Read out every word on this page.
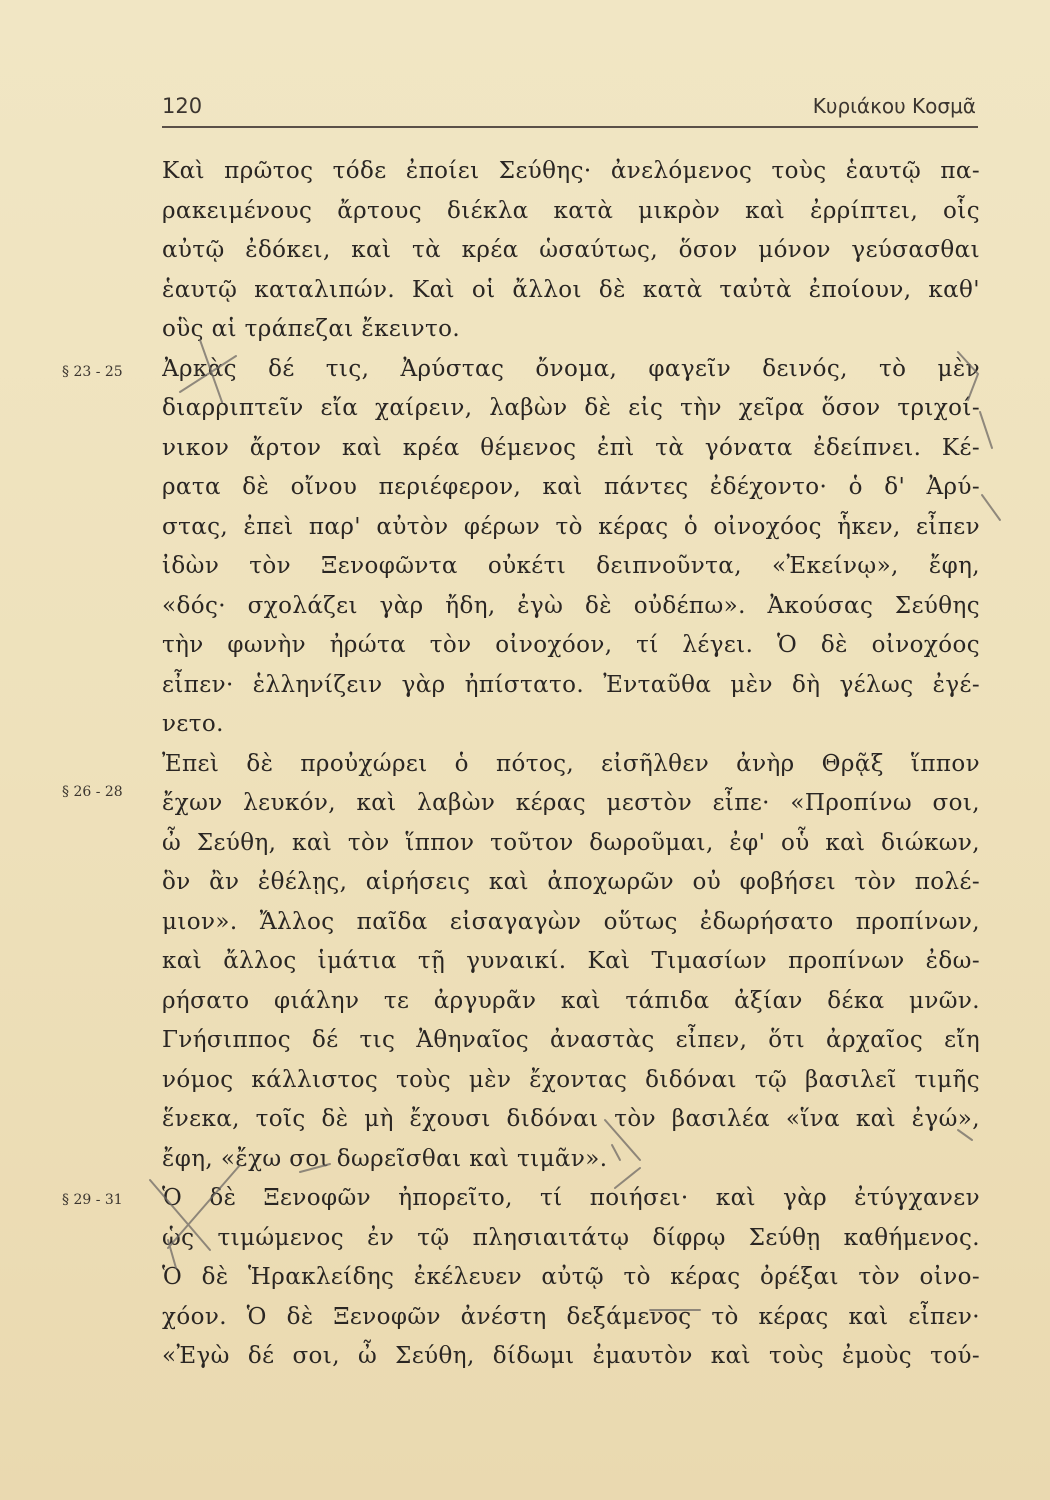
120	Κυριάκου Κοσμᾶ
§ 23 - 25
§ 26 - 28
§ 29 - 31
Καὶ πρῶτος τόδε ἐποίει Σεύθης· ἀνελόμενος τοὺς ἑαυτῷ πα-
ρακειμένους ἄρτους διέκλα κατὰ μικρὸν καὶ ἐρρίπτει, οἷς
αὐτῷ ἐδόκει, καὶ τὰ κρέα ὡσαύτως, ὅσον μόνον γεύσασθαι
ἑαυτῷ καταλιπών. Καὶ οἱ ἄλλοι δὲ κατὰ ταὐτὰ ἐποίουν, καθ'
οὓς αἱ τράπεζαι ἔκειντο.
Ἀρκὰς δέ τις, Ἀρύστας ὄνομα, φαγεῖν δεινός, τὸ μὲν
διαρριπτεῖν εἴα χαίρειν, λαβὼν δὲ εἰς τὴν χεῖρα ὅσον τριχοί-
νικον ἄρτον καὶ κρέα θέμενος ἐπὶ τὰ γόνατα ἐδείπνει. Κέ-
ρατα δὲ οἴνου περιέφερον, καὶ πάντες ἐδέχοντο· ὁ δ' Ἀρύ-
στας, ἐπεὶ παρ' αὐτὸν φέρων τὸ κέρας ὁ οἰνοχόος ἧκεν, εἶπεν
ἰδὼν τὸν Ξενοφῶντα οὐκέτι δειπνοῦντα, «Ἐκείνῳ», ἔφη,
«δός· σχολάζει γὰρ ἤδη, ἐγὼ δὲ οὐδέπω». Ἀκούσας Σεύθης
τὴν φωνὴν ἠρώτα τὸν οἰνοχόον, τί λέγει. Ὁ δὲ οἰνοχόος
εἶπεν· ἑλληνίζειν γὰρ ἠπίστατο. Ἐνταῦθα μὲν δὴ γέλως ἐγέ-
νετο.
Ἐπεὶ δὲ προὐχώρει ὁ πότος, εἰσῆλθεν ἀνὴρ Θρᾷξ ἵππον
ἔχων λευκόν, καὶ λαβὼν κέρας μεστὸν εἶπε· «Προπίνω σοι,
ὦ Σεύθη, καὶ τὸν ἵππον τοῦτον δωροῦμαι, ἐφ' οὗ καὶ διώκων,
ὃν ἂν ἐθέλῃς, αἱρήσεις καὶ ἀποχωρῶν οὐ φοβήσει τὸν πολέ-
μιον». Ἄλλος παῖδα εἰσαγαγὼν οὕτως ἐδωρήσατο προπίνων,
καὶ ἄλλος ἱμάτια τῇ γυναικί. Καὶ Τιμασίων προπίνων ἐδω-
ρήσατο φιάλην τε ἀργυρᾶν καὶ τάπιδα ἀξίαν δέκα μνῶν.
Γνήσιππος δέ τις Ἀθηναῖος ἀναστὰς εἶπεν, ὅτι ἀρχαῖος εἴη
νόμος κάλλιστος τοὺς μὲν ἔχοντας διδόναι τῷ βασιλεῖ τιμῆς
ἕνεκα, τοῖς δὲ μὴ ἔχουσι διδόναι τὸν βασιλέα «ἵνα καὶ ἐγώ»,
ἔφη, «ἔχω σοι δωρεῖσθαι καὶ τιμᾶν».
Ὁ δὲ Ξενοφῶν ἠπορεῖτο, τί ποιήσει· καὶ γὰρ ἐτύγχανεν
ὡς τιμώμενος ἐν τῷ πλησιαιτάτῳ δίφρῳ Σεύθῃ καθήμενος.
Ὁ δὲ Ἡρακλείδης ἐκέλευεν αὐτῷ τὸ κέρας ὀρέξαι τὸν οἰνο-
χόον. Ὁ δὲ Ξενοφῶν ἀνέστη δεξάμενος τὸ κέρας καὶ εἶπεν·
«Ἐγὼ δέ σοι, ὦ Σεύθη, δίδωμι ἐμαυτὸν καὶ τοὺς ἐμοὺς τού-
